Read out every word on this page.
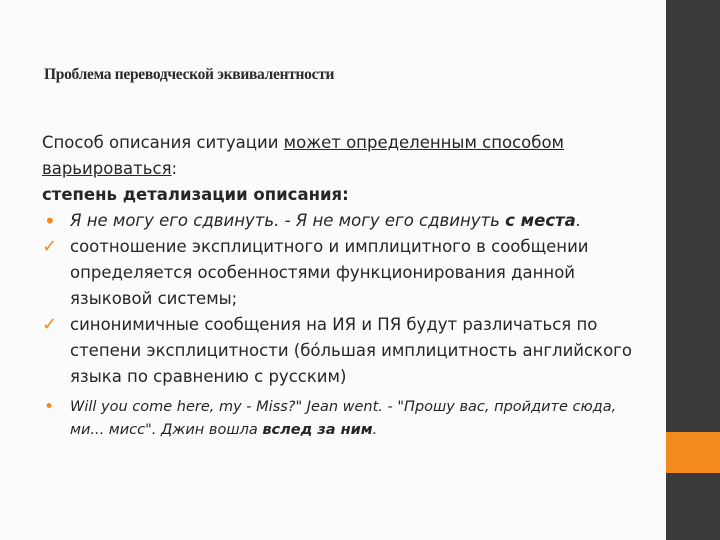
Проблема переводческой эквивалентности
Способ описания ситуации может определенным способом варьироваться:
степень детализации описания:
• Я не могу его сдвинуть. - Я не могу его сдвинуть с места.
✓ соотношение эксплицитного и имплицитного в сообщении определяется особенностями функционирования данной языковой системы;
✓ синонимичные сообщения на ИЯ и ПЯ будут различаться по степени эксплицитности (бóльшая имплицитность английского языка по сравнению с русским)
• Will you come here, my - Miss?" Jean went. - "Прошу вас, пройдите сюда, ми... мисс". Джин вошла вслед за ним.
